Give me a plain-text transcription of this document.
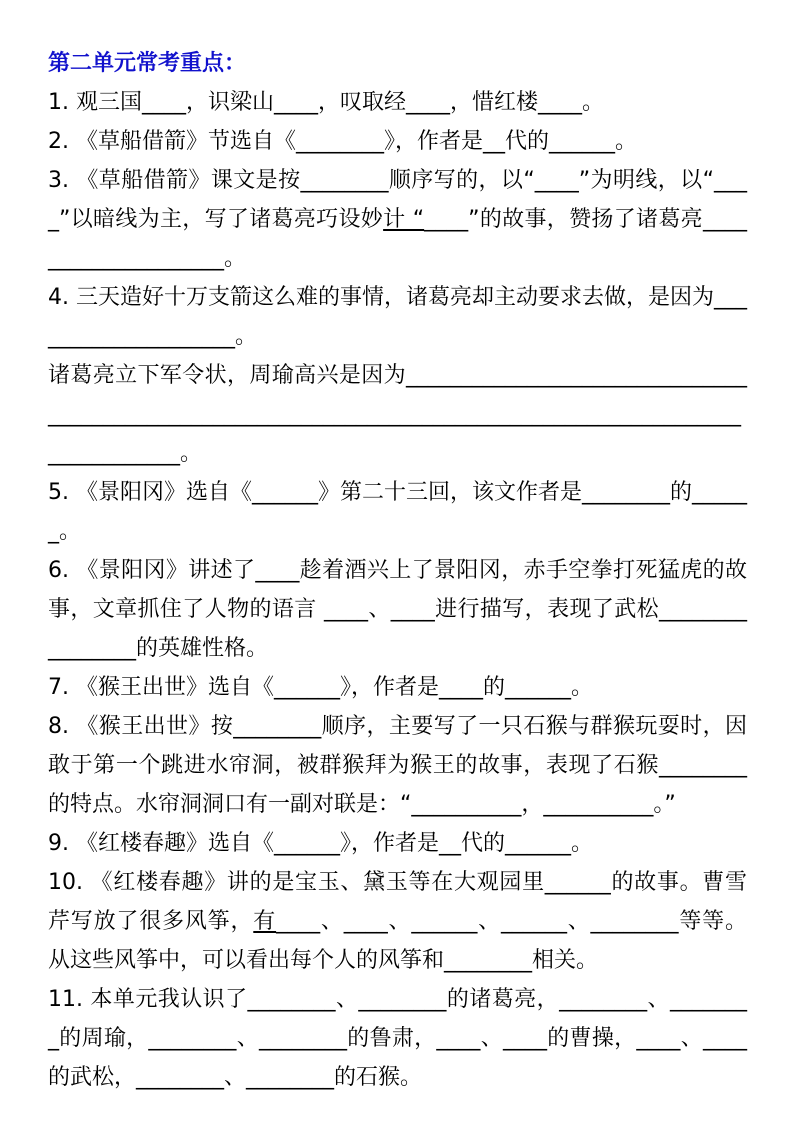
第二单元常考重点：

1. 观三国____，识梁山____，叹取经____，惜红楼____。

2. 《草船借箭》节选自《________》，作者是__代的______。

3. 《草船借箭》课文是按________顺序写的，以“____”为明线，以“____”以暗线为主，写了诸葛亮巧设妙计 “____”的故事，赞扬了诸葛亮____________________。

4. 三天造好十万支箭这么难的事情，诸葛亮却主动要求去做，是因为____________________。

诸葛亮立下军令状，周瑜高兴是因为__________________________________________________________________________________________________________。

5. 《景阳冈》选自《______》第二十三回，该文作者是________的______。

6. 《景阳冈》讲述了____趁着酒兴上了景阳冈，赤手空拳打死猛虎的故事，文章抓住了人物的语言 ____、____进行描写，表现了武松________________的英雄性格。

7. 《猴王出世》选自《______》，作者是____的______。

8. 《猴王出世》按________顺序，主要写了一只石猴与群猴玩耍时，因敢于第一个跳进水帘洞，被群猴拜为猴王的故事，表现了石猴________的特点。水帘洞洞口有一副对联是：“__________，__________。”

9. 《红楼春趣》选自《______》，作者是__代的______。

10. 《红楼春趣》讲的是宝玉、黛玉等在大观园里______的故事。曹雪芹写放了很多风筝，有____、____、______、______、________等等。从这些风筝中，可以看出每个人的风筝和________相关。

11. 本单元我认识了________、________的诸葛亮，________、________的周瑜，________、________的鲁肃，____、____的曹操，____、____的武松，________、________的石猴。
